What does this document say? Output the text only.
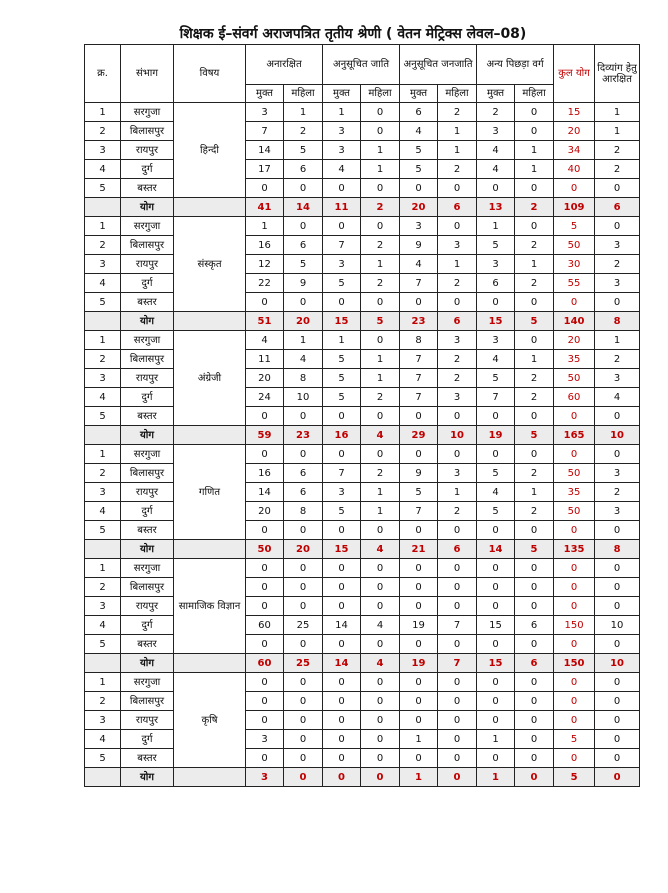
शिक्षक ई–संवर्ग अराजपत्रित तृतीय श्रेणी ( वेतन मेट्रिक्स लेवल–08)
क्र.	संभाग	विषय	अनारक्षित		अनुसूचित जाति		अनुसूचित जनजाति		अन्य पिछड़ा वर्ग		कुल योग	दिव्यांग हेतु आरक्षित
			मुक्त	महिला	मुक्त	महिला	मुक्त	महिला	मुक्त	महिला		
1	सरगुजा	हिन्दी	3	1	1	0	6	2	2	0	15	1
2	बिलासपुर		7	2	3	0	4	1	3	0	20	1
3	रायपुर		14	5	3	1	5	1	4	1	34	2
4	दुर्ग		17	6	4	1	5	2	4	1	40	2
5	बस्तर		0	0	0	0	0	0	0	0	0	0
	योग		41	14	11	2	20	6	13	2	109	6
1	सरगुजा	संस्कृत	1	0	0	0	3	0	1	0	5	0
2	बिलासपुर		16	6	7	2	9	3	5	2	50	3
3	रायपुर		12	5	3	1	4	1	3	1	30	2
4	दुर्ग		22	9	5	2	7	2	6	2	55	3
5	बस्तर		0	0	0	0	0	0	0	0	0	0
	योग		51	20	15	5	23	6	15	5	140	8
1	सरगुजा	अंग्रेजी	4	1	1	0	8	3	3	0	20	1
2	बिलासपुर		11	4	5	1	7	2	4	1	35	2
3	रायपुर		20	8	5	1	7	2	5	2	50	3
4	दुर्ग		24	10	5	2	7	3	7	2	60	4
5	बस्तर		0	0	0	0	0	0	0	0	0	0
	योग		59	23	16	4	29	10	19	5	165	10
1	सरगुजा	गणित	0	0	0	0	0	0	0	0	0	0
2	बिलासपुर		16	6	7	2	9	3	5	2	50	3
3	रायपुर		14	6	3	1	5	1	4	1	35	2
4	दुर्ग		20	8	5	1	7	2	5	2	50	3
5	बस्तर		0	0	0	0	0	0	0	0	0	0
	योग		50	20	15	4	21	6	14	5	135	8
1	सरगुजा	सामाजिक विज्ञान	0	0	0	0	0	0	0	0	0	0
2	बिलासपुर		0	0	0	0	0	0	0	0	0	0
3	रायपुर		0	0	0	0	0	0	0	0	0	0
4	दुर्ग		60	25	14	4	19	7	15	6	150	10
5	बस्तर		0	0	0	0	0	0	0	0	0	0
	योग		60	25	14	4	19	7	15	6	150	10
1	सरगुजा	कृषि	0	0	0	0	0	0	0	0	0	0
2	बिलासपुर		0	0	0	0	0	0	0	0	0	0
3	रायपुर		0	0	0	0	0	0	0	0	0	0
4	दुर्ग		3	0	0	0	1	0	1	0	5	0
5	बस्तर		0	0	0	0	0	0	0	0	0	0
	योग		3	0	0	0	1	0	1	0	5	0
